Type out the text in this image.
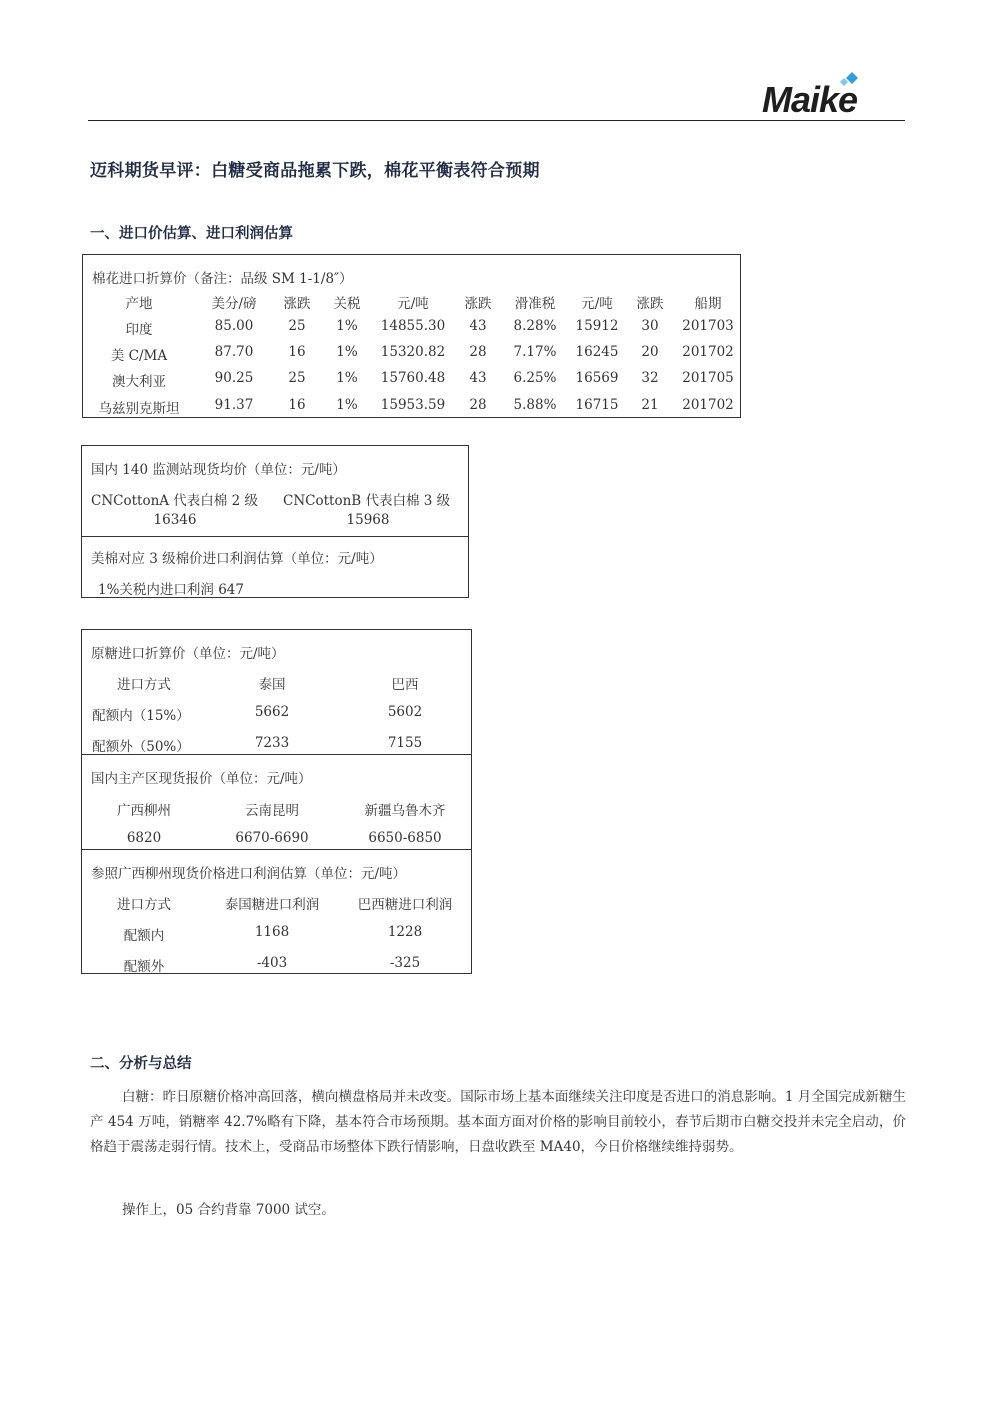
Maike
迈科期货早评：白糖受商品拖累下跌，棉花平衡表符合预期
一、进口价估算、进口利润估算
棉花进口折算价（备注：品级 SM 1-1/8″）
产地	美分/磅 涨跌 关税	元/吨	涨跌 滑准税 元/吨 涨跌 船期
印度	85.00	25 1% 14855.30 43 8.28% 15912 30 201703
美 C/MA	87.70	16 1% 15320.82 28 7.17% 16245 20 201702
澳大利亚	90.25	25 1% 15760.48 43 6.25% 16569 32 201705
乌兹别克斯坦	91.37	16 1% 15953.59 28 5.88% 16715 21 201702
国内 140 监测站现货均价（单位：元/吨）
CNCottonA 代表白棉 2 级 CNCottonB 代表白棉 3 级
16346	15968
美棉对应 3 级棉价进口利润估算（单位：元/吨）
1%关税内进口利润 647
原糖进口折算价（单位：元/吨）
进口方式	泰国	巴西
配额内（15%）	5662	5602
配额外（50%）	7233	7155
国内主产区现货报价（单位：元/吨）
广西柳州	云南昆明	新疆乌鲁木齐
6820	6670-6690	6650-6850
参照广西柳州现货价格进口利润估算（单位：元/吨）
进口方式	泰国糖进口利润	巴西糖进口利润
配额内	1168	1228
配额外	-403	-325
二、分析与总结
白糖：昨日原糖价格冲高回落，横向横盘格局并未改变。国际市场上基本面继续关注印度是否进口的消息影响。1 月全国完成新糖生产 454 万吨，销糖率 42.7%略有下降，基本符合市场预期。基本面方面对价格的影响目前较小，春节后期市白糖交投并未完全启动，价格趋于震荡走弱行情。技术上，受商品市场整体下跌行情影响，日盘收跌至 MA40，今日价格继续维持弱势。
操作上，05 合约背靠 7000 试空。
